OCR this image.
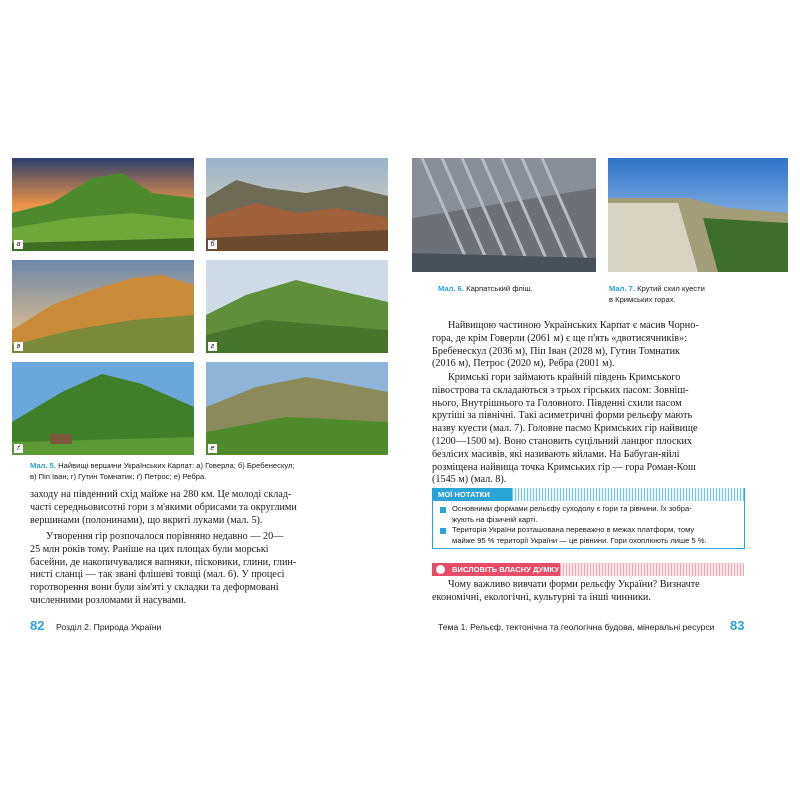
а	б
в	г
ґ	е
Мал. 5. Найвищі вершини Українських Карпат: а) Говерла; б) Бребенескул;
в) Піп Іван; г) Гутин Томнатик; ґ) Петрос; е) Ребра.
заходу на південний схід майже на 280 км. Це молоді склад-
часті середньовисотні гори з м'якими обрисами та округлими
вершинами (полонинами), що вкриті луками (мал. 5).
Утворення гір розпочалося порівняно недавно — 20—
25 млн років тому. Раніше на цих площах були морські
басейни, де накопичувалися вапняки, пісковики, глини, глин-
нисті сланці — так звані флішеві товщі (мал. 6). У процесі
горотворення вони були зім'яті у складки та деформовані
численними розломами й насувами.
82 Розділ 2. Природа України
Мал. 6. Карпатський фліш.	Мал. 7. Крутий схил куести
в Кримських горах.
Найвищою частиною Українських Карпат є масив Чорно-
гора, де крім Говерли (2061 м) є ще п'ять «двотисячників»:
Бребенескул (2036 м), Піп Іван (2028 м), Гутин Томнатик
(2016 м), Петрос (2020 м), Ребра (2001 м).
Кримські гори займають крайній південь Кримського
півострова та складаються з трьох гірських пасом: Зовніш-
нього, Внутрішнього та Головного. Південні схили пасом
крутіші за північні. Такі асиметричні форми рельєфу мають
назву куести (мал. 7). Головне пасмо Кримських гір найвище
(1200—1500 м). Воно становить суцільний ланцюг плоских
безлісих масивів, які називають яйлами. На Бабуган-яйлі
розміщена найвища точка Кримських гір — гора Роман-Кош
(1545 м) (мал. 8).
МОЇ НОТАТКИ
Основними формами рельєфу суходолу є гори та рівнини. Їх зобра-
жують на фізичній карті.
Територія України розташована переважно в межах платформ, тому
майже 95 % території України — це рівнини. Гори охоплюють лише 5 %.
ВИСЛОВІТЬ ВЛАСНУ ДУМКУ
Чому важливо вивчати форми рельєфу України? Визначте
економічні, екологічні, культурні та інші чинники.
Тема 1. Рельєф, тектонічна та геологічна будова, мінеральні ресурси 83
